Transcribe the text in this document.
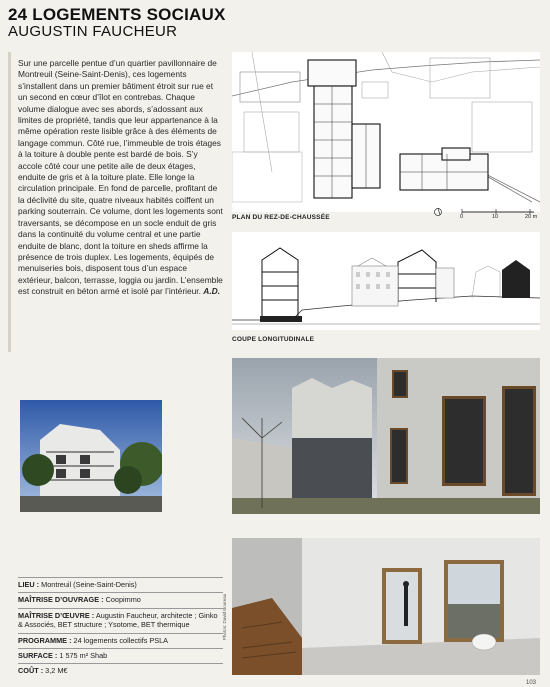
24 LOGEMENTS SOCIAUX
AUGUSTIN FAUCHEUR
Sur une parcelle pentue d’un quartier pavillonnaire de Montreuil (Seine-Saint-Denis), ces logements s’installent dans un premier bâtiment étroit sur rue et un second en cœur d’îlot en contrebas. Chaque volume dialogue avec ses abords, s’adossant aux limites de propriété, tandis que leur appartenance à la même opération reste lisible grâce à des éléments de langage commun. Côté rue, l’immeuble de trois étages à la toiture à double pente est bardé de bois. S’y accole côté cour une petite aile de deux étages, enduite de gris et à la toiture plate. Elle longe la circulation principale. En fond de parcelle, profitant de la déclivité du site, quatre niveaux habités coiffent un parking souterrain. Ce volume, dont les logements sont traversants, se décompose en un socle enduit de gris dans la continuité du volume central et une partie enduite de blanc, dont la toiture en sheds affirme la présence de trois duplex. Les logements, équipés de menuiseries bois, disposent tous d’un espace extérieur, balcon, terrasse, loggia ou jardin. L’ensemble est construit en béton armé et isolé par l’intérieur. A.D.
PLAN DU REZ-DE-CHAUSSÉE	0	10	20 m
COUPE LONGITUDINALE
Photos: David Boureau
LIEU : Montreuil (Seine-Saint-Denis)
MAÎTRISE D’OUVRAGE : Coopimmo
MAÎTRISE D’ŒUVRE : Augustin Faucheur, architecte ; Ginko & Associés, BET structure ; Ysotome, BET thermique
PROGRAMME : 24 logements collectifs PSLA
SURFACE : 1 575 m² Shab
COÛT : 3,2 M€
103
